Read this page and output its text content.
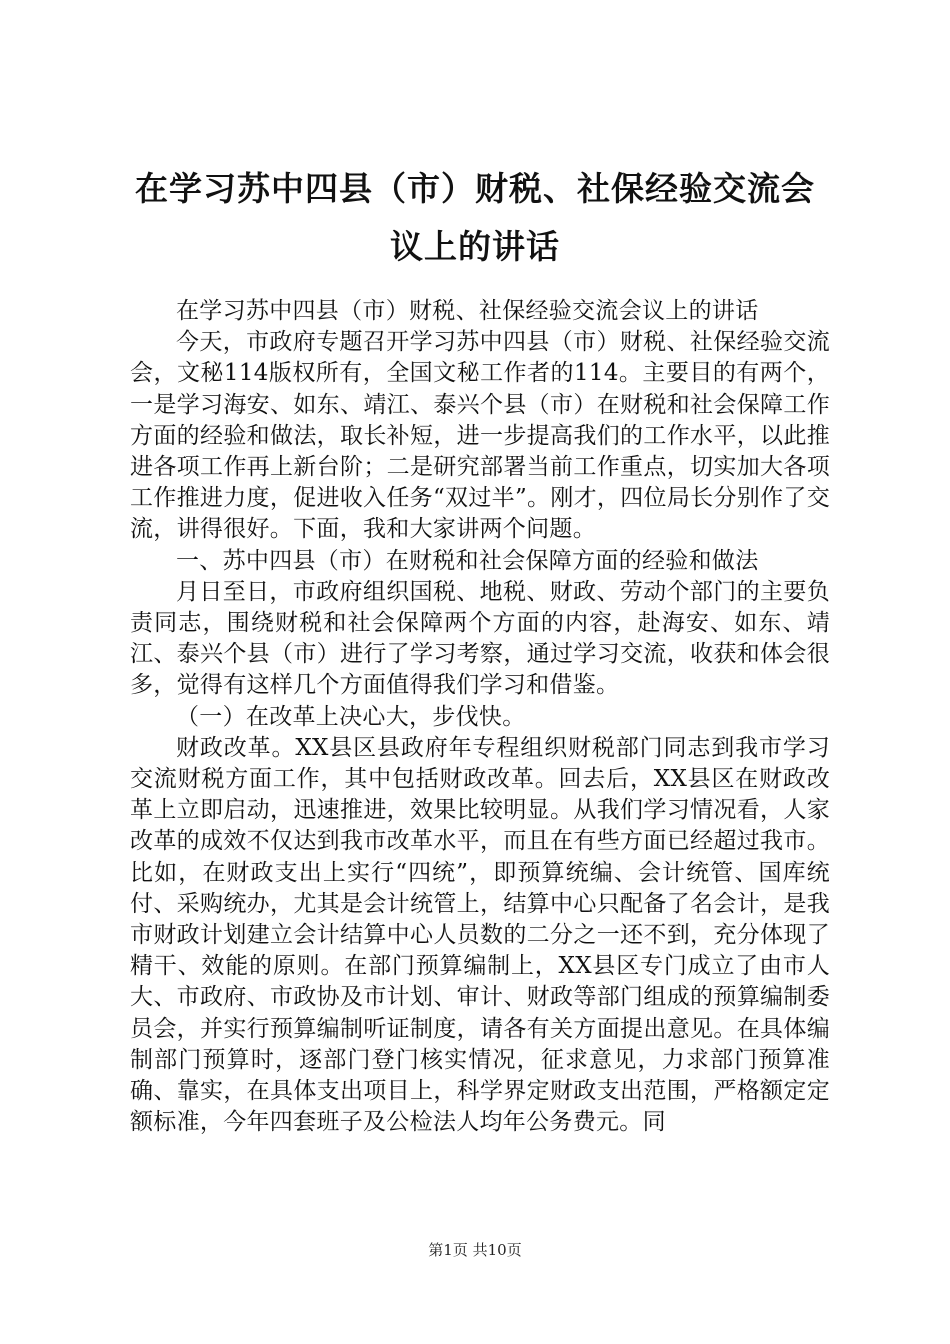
在学习苏中四县（市）财税、社保经验交流会
议上的讲话

在学习苏中四县（市）财税、社保经验交流会议上的讲话

今天，市政府专题召开学习苏中四县（市）财税、社保经验交流会，文秘114版权所有，全国文秘工作者的114。主要目的有两个，一是学习海安、如东、靖江、泰兴个县（市）在财税和社会保障工作方面的经验和做法，取长补短，进一步提高我们的工作水平，以此推进各项工作再上新台阶；二是研究部署当前工作重点，切实加大各项工作推进力度，促进收入任务“双过半”。刚才，四位局长分别作了交流，讲得很好。下面，我和大家讲两个问题。

一、苏中四县（市）在财税和社会保障方面的经验和做法

月日至日，市政府组织国税、地税、财政、劳动个部门的主要负责同志，围绕财税和社会保障两个方面的内容，赴海安、如东、靖江、泰兴个县（市）进行了学习考察，通过学习交流，收获和体会很多，觉得有这样几个方面值得我们学习和借鉴。

（一）在改革上决心大，步伐快。

财政改革。XX县区县政府年专程组织财税部门同志到我市学习交流财税方面工作，其中包括财政改革。回去后，XX县区在财政改革上立即启动，迅速推进，效果比较明显。从我们学习情况看，人家改革的成效不仅达到我市改革水平，而且在有些方面已经超过我市。比如，在财政支出上实行“四统”，即预算统编、会计统管、国库统付、采购统办，尤其是会计统管上，结算中心只配备了名会计，是我市财政计划建立会计结算中心人员数的二分之一还不到，充分体现了精干、效能的原则。在部门预算编制上，XX县区专门成立了由市人大、市政府、市政协及市计划、审计、财政等部门组成的预算编制委员会，并实行预算编制听证制度，请各有关方面提出意见。在具体编制部门预算时，逐部门登门核实情况，征求意见，力求部门预算准确、靠实，在具体支出项目上，科学界定财政支出范围，严格额定定额标准，今年四套班子及公检法人均年公务费元。同

第1页 共10页
